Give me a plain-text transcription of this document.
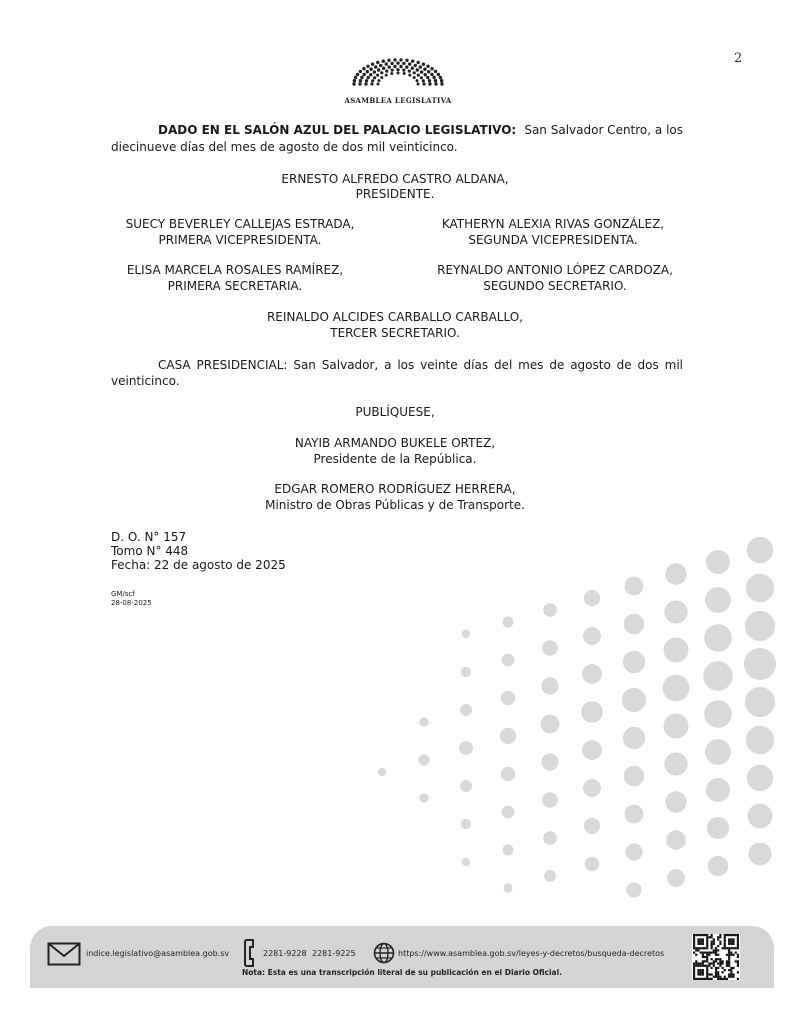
2
ASAMBLEA LEGISLATIVA
DADO EN EL SALÓN AZUL DEL PALACIO LEGISLATIVO: San Salvador Centro, a los
diecinueve días del mes de agosto de dos mil veinticinco.
ERNESTO ALFREDO CASTRO ALDANA,
PRESIDENTE.
SUECY BEVERLEY CALLEJAS ESTRADA,
PRIMERA VICEPRESIDENTA.
KATHERYN ALEXIA RIVAS GONZÁLEZ,
SEGUNDA VICEPRESIDENTA.
ELISA MARCELA ROSALES RAMÍREZ,
PRIMERA SECRETARIA.
REYNALDO ANTONIO LÓPEZ CARDOZA,
SEGUNDO SECRETARIO.
REINALDO ALCIDES CARBALLO CARBALLO,
TERCER SECRETARIO.
CASA PRESIDENCIAL: San Salvador, a los veinte días del mes de agosto de dos mil
veinticinco.
PUBLÍQUESE,
NAYIB ARMANDO BUKELE ORTEZ,
Presidente de la República.
EDGAR ROMERO RODRÍGUEZ HERRERA,
Ministro de Obras Públicas y de Transporte.
D. O. N° 157
Tomo N° 448
Fecha: 22 de agosto de 2025
GM/scf
28-08-2025
indice.legislativo@asamblea.gob.sv	2281-9228 2281-9225	https://www.asamblea.gob.sv/leyes-y-decretos/busqueda-decretos
Nota: Esta es una transcripción literal de su publicación en el Diario Oficial.
